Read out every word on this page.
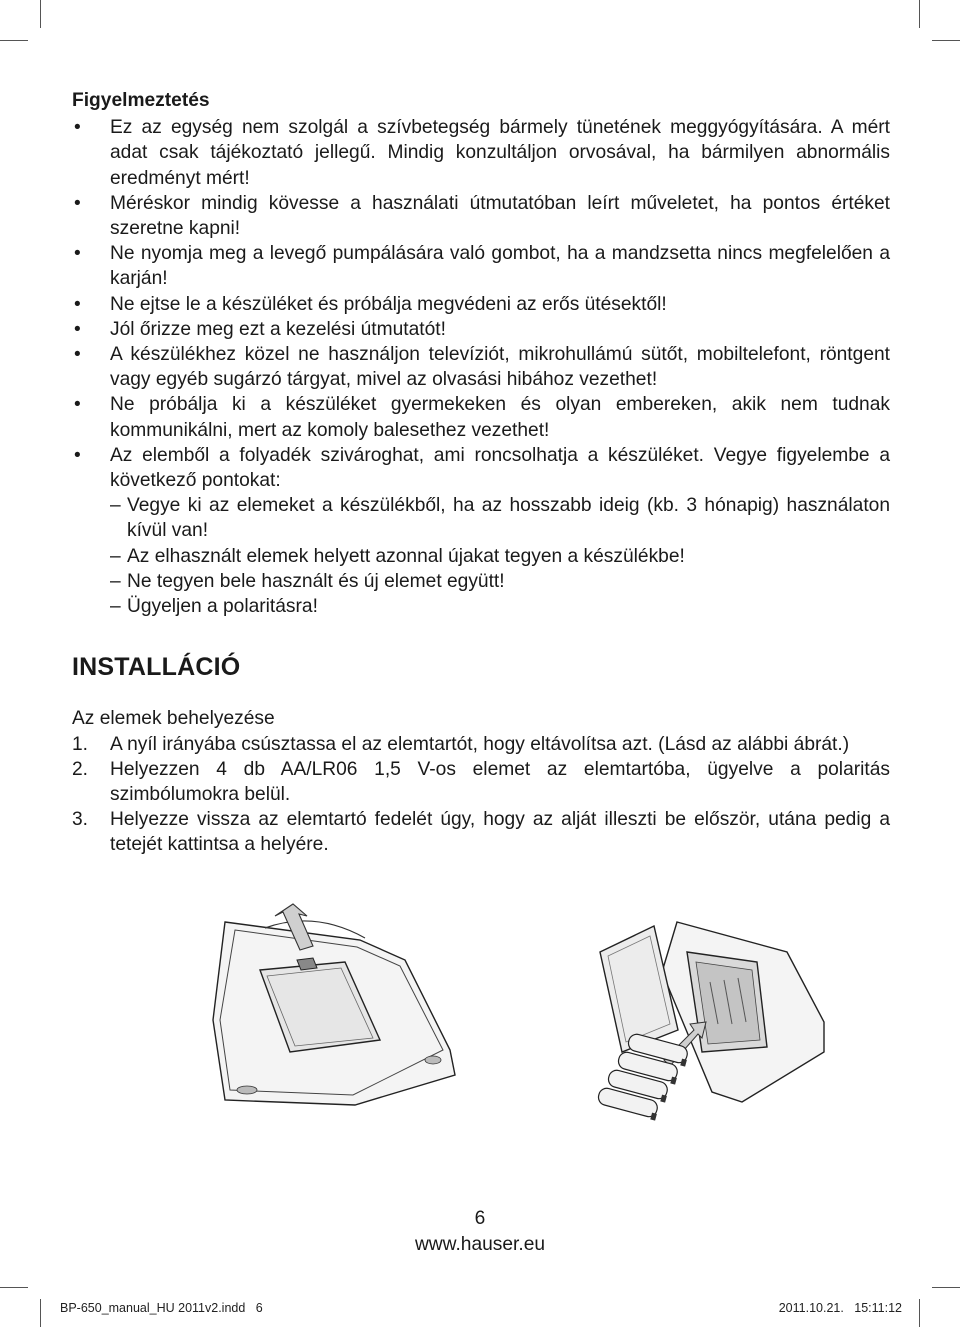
Figyelmeztetés
• Ez az egység nem szolgál a szívbetegség bármely tünetének meggyógyítására. A mért adat csak tájékoztató jellegű. Mindig konzultáljon orvosával, ha bármilyen abnormális eredményt mért!
• Méréskor mindig kövesse a használati útmutatóban leírt műveletet, ha pontos értéket szeretne kapni!
• Ne nyomja meg a levegő pumpálására való gombot, ha a mandzsetta nincs megfelelően a karján!
• Ne ejtse le a készüléket és próbálja megvédeni az erős ütésektől!
• Jól őrizze meg ezt a kezelési útmutatót!
• A készülékhez közel ne használjon televíziót, mikrohullámú sütőt, mobiltelefont, röntgent vagy egyéb sugárzó tárgyat, mivel az olvasási hibához vezethet!
• Ne próbálja ki a készüléket gyermekeken és olyan embereken, akik nem tudnak kommunikálni, mert az komoly balesethez vezethet!
• Az elemből a folyadék szivároghat, ami roncsolhatja a készüléket. Vegye figyelembe a következő pontokat:
– Vegye ki az elemeket a készülékből, ha az hosszabb ideig (kb. 3 hónapig) használaton kívül van!
– Az elhasznált elemek helyett azonnal újakat tegyen a készülékbe!
– Ne tegyen bele használt és új elemet együtt!
– Ügyeljen a polaritásra!
INSTALLÁCIÓ
Az elemek behelyezése
1. A nyíl irányába csúsztassa el az elemtartót, hogy eltávolítsa azt. (Lásd az alábbi ábrát.)
2. Helyezzen 4 db AA/LR06 1,5 V-os elemet az elemtartóba, ügyelve a polaritás szimbólumokra belül.
3. Helyezze vissza az elemtartó fedelét úgy, hogy az alját illeszti be először, utána pedig a tetejét kattintsa a helyére.
6
www.hauser.eu
BP-650_manual_HU 2011v2.indd   6	2011.10.21.   15:11:12
